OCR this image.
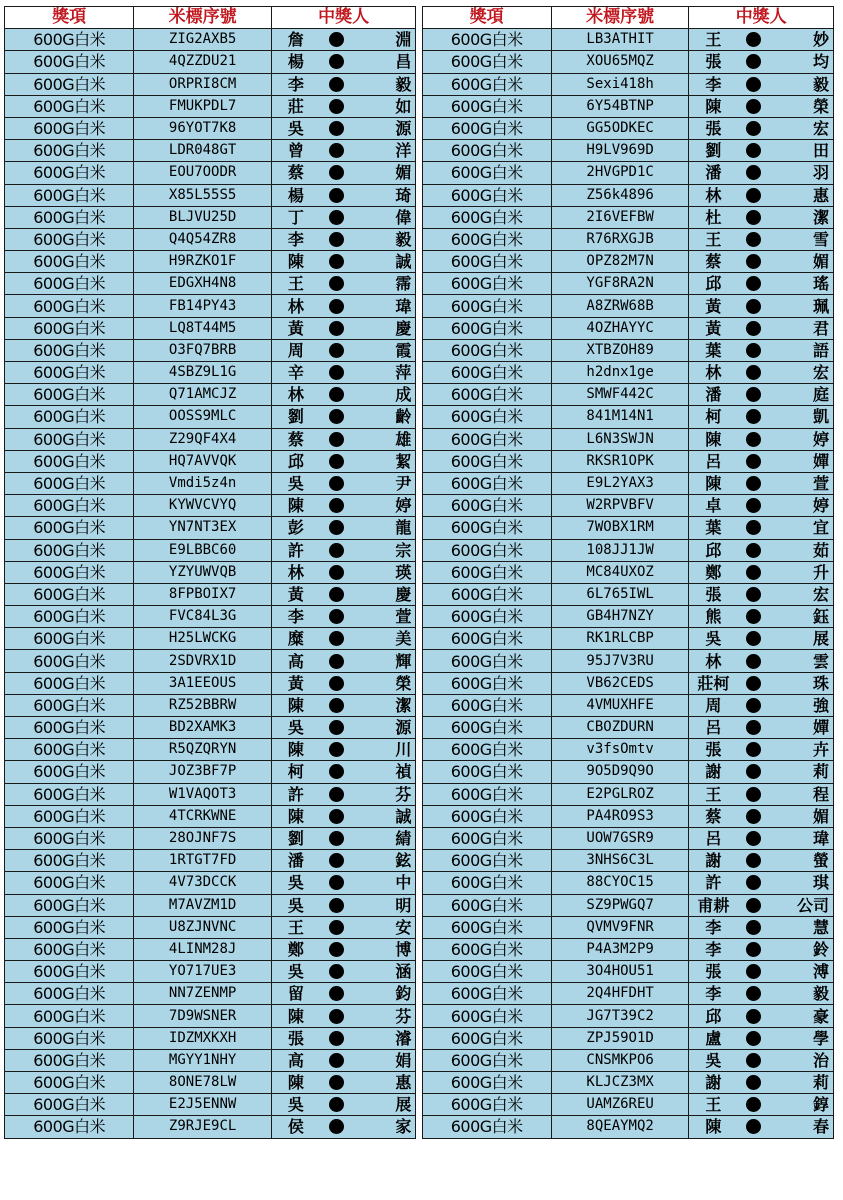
獎項	米標序號	中獎人				獎項	米標序號	中獎人		
600G白米	ZIG2AXB5	詹		淵		600G白米	LB3ATHIT	王		妙
600G白米	4QZZDU21	楊		昌		600G白米	XOU65MQZ	張		均
600G白米	ORPRI8CM	李		毅		600G白米	Sexi418h	李		毅
600G白米	FMUKPDL7	莊		如		600G白米	6Y54BTNP	陳		榮
600G白米	96YOT7K8	吳		源		600G白米	GG5ODKEC	張		宏
600G白米	LDR048GT	曾		洋		600G白米	H9LV969D	劉		田
600G白米	EOU7OODR	蔡		媚		600G白米	2HVGPD1C	潘		羽
600G白米	X85L55S5	楊		琦		600G白米	Z56k4896	林		惠
600G白米	BLJVU25D	丁		偉		600G白米	2I6VEFBW	杜		潔
600G白米	Q4Q54ZR8	李		毅		600G白米	R76RXGJB	王		雪
600G白米	H9RZKO1F	陳		誠		600G白米	OPZ82M7N	蔡		媚
600G白米	EDGXH4N8	王		霈		600G白米	YGF8RA2N	邱		瑤
600G白米	FB14PY43	林		瑋		600G白米	A8ZRW68B	黃		珮
600G白米	LQ8T44M5	黃		慶		600G白米	4OZHAYYC	黃		君
600G白米	O3FQ7BRB	周		霞		600G白米	XTBZOH89	葉		語
600G白米	4SBZ9L1G	辛		萍		600G白米	h2dnx1ge	林		宏
600G白米	Q71AMCJZ	林		成		600G白米	SMWF442C	潘		庭
600G白米	OOSS9MLC	劉		齡		600G白米	841M14N1	柯		凱
600G白米	Z29QF4X4	蔡		雄		600G白米	L6N3SWJN	陳		婷
600G白米	HQ7AVVQK	邱		絜		600G白米	RKSR1OPK	呂		嬋
600G白米	Vmdi5z4n	吳		尹		600G白米	E9L2YAX3	陳		萱
600G白米	KYWVCVYQ	陳		婷		600G白米	W2RPVBFV	卓		婷
600G白米	YN7NT3EX	彭		龍		600G白米	7WOBX1RM	葉		宜
600G白米	E9LBBC60	許		宗		600G白米	108JJ1JW	邱		茹
600G白米	YZYUWVQB	林		瑛		600G白米	MC84UXOZ	鄭		升
600G白米	8FPBOIX7	黃		慶		600G白米	6L765IWL	張		宏
600G白米	FVC84L3G	李		萱		600G白米	GB4H7NZY	熊		鈺
600G白米	H25LWCKG	糜		美		600G白米	RK1RLCBP	吳		展
600G白米	2SDVRX1D	高		輝		600G白米	95J7V3RU	林		雲
600G白米	3A1EEOUS	黃		榮		600G白米	VB62CEDS	莊柯		珠
600G白米	RZ52BBRW	陳		潔		600G白米	4VMUXHFE	周		強
600G白米	BD2XAMK3	吳		源		600G白米	CBOZDURN	呂		嬋
600G白米	R5QZQRYN	陳		川		600G白米	v3fsOmtv	張		卉
600G白米	JOZ3BF7P	柯		禎		600G白米	9O5D9Q9O	謝		莉
600G白米	W1VAQOT3	許		芬		600G白米	E2PGLROZ	王		程
600G白米	4TCRKWNE	陳		誠		600G白米	PA4RO9S3	蔡		媚
600G白米	28OJNF7S	劉		綪		600G白米	UOW7GSR9	呂		瑋
600G白米	1RTGT7FD	潘		鉉		600G白米	3NHS6C3L	謝		螢
600G白米	4V73DCCK	吳		中		600G白米	88CYOC15	許		琪
600G白米	M7AVZM1D	吳		明		600G白米	SZ9PWGQ7	甫耕		公司
600G白米	U8ZJNVNC	王		安		600G白米	QVMV9FNR	李		慧
600G白米	4LINM28J	鄭		博		600G白米	P4A3M2P9	李		鈴
600G白米	YO717UE3	吳		涵		600G白米	3O4HOU51	張		溥
600G白米	NN7ZENMP	留		鈞		600G白米	2Q4HFDHT	李		毅
600G白米	7D9WSNER	陳		芬		600G白米	JG7T39C2	邱		豪
600G白米	IDZMXKXH	張		濬		600G白米	ZPJ59O1D	盧		學
600G白米	MGYY1NHY	高		娟		600G白米	CNSMKPO6	吳		治
600G白米	8ONE78LW	陳		惠		600G白米	KLJCZ3MX	謝		莉
600G白米	E2J5ENNW	吳		展		600G白米	UAMZ6REU	王		錞
600G白米	Z9RJE9CL	侯		家		600G白米	8QEAYMQ2	陳		春
